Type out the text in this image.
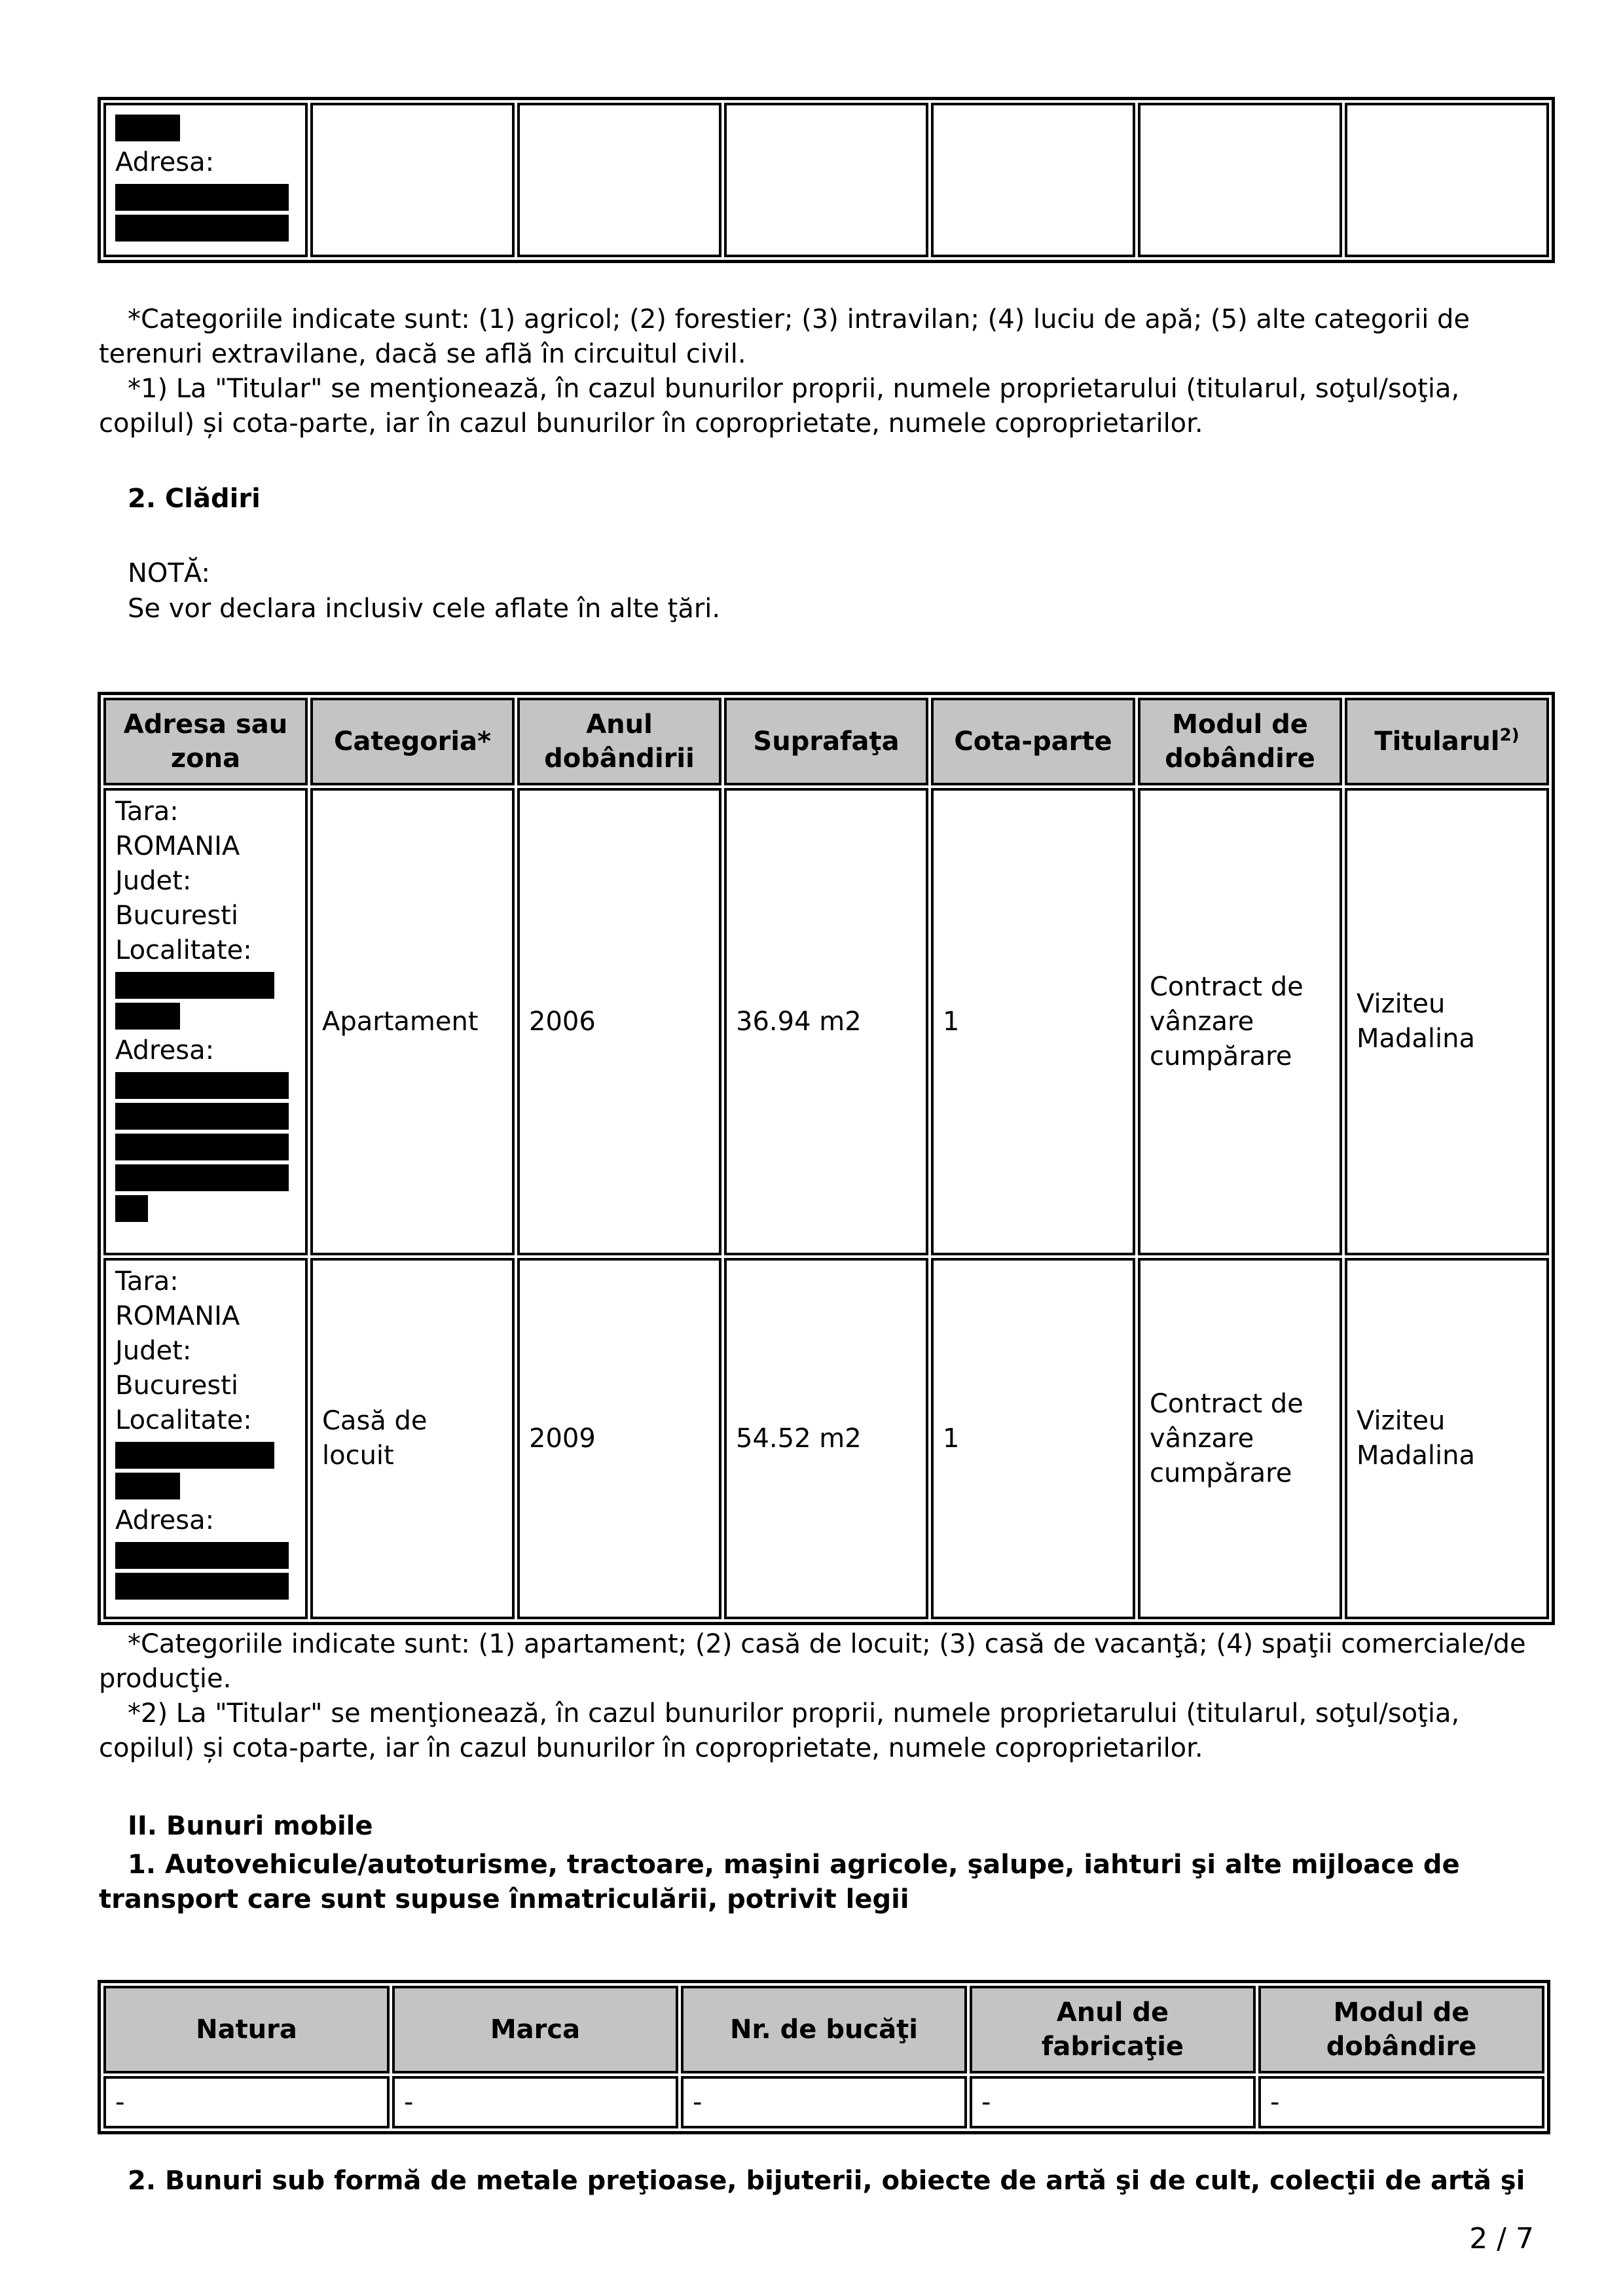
Adresa:

*Categoriile indicate sunt: (1) agricol; (2) forestier; (3) intravilan; (4) luciu de apă; (5) alte categorii de terenuri extravilane, dacă se află în circuitul civil.

*1) La "Titular" se menţionează, în cazul bunurilor proprii, numele proprietarului (titularul, soţul/soţia, copilul) și cota-parte, iar în cazul bunurilor în coproprietate, numele coproprietarilor.

2. Clădiri
NOTĂ:
Se vor declara inclusiv cele aflate în alte ţări.
Adresa sau zona	Categoria*	Anul dobândirii	Suprafaţa	Cota-parte	Modul de dobândire	Titularul$^{2)}$

Tara: ROMANIA
Judet: Bucuresti
Localitate:
Adresa:	Apartament	2006	36.94 m2	1	Contract de vânzare cumpărare	Viziteu Madalina

Tara: ROMANIA
Judet: Bucuresti
Localitate:
Adresa:	Casă de locuit	2009	54.52 m2	1	Contract de vânzare cumpărare	Viziteu Madalina

*Categoriile indicate sunt: (1) apartament; (2) casă de locuit; (3) casă de vacanţă; (4) spaţii comerciale/de producţie.

*2) La "Titular" se menţionează, în cazul bunurilor proprii, numele proprietarului (titularul, soţul/soţia, copilul) și cota-parte, iar în cazul bunurilor în coproprietate, numele coproprietarilor.

II. Bunuri mobile

1. Autovehicule/autoturisme, tractoare, maşini agricole, şalupe, iahturi şi alte mijloace de transport care sunt supuse înmatriculării, potrivit legii

Natura	Marca	Nr. de bucăţi	Anul de fabricaţie	Modul de dobândire
-	-	-	-	-
2. Bunuri sub formă de metale preţioase, bijuterii, obiecte de artă şi de cult, colecţii de artă şi
2 / 7
